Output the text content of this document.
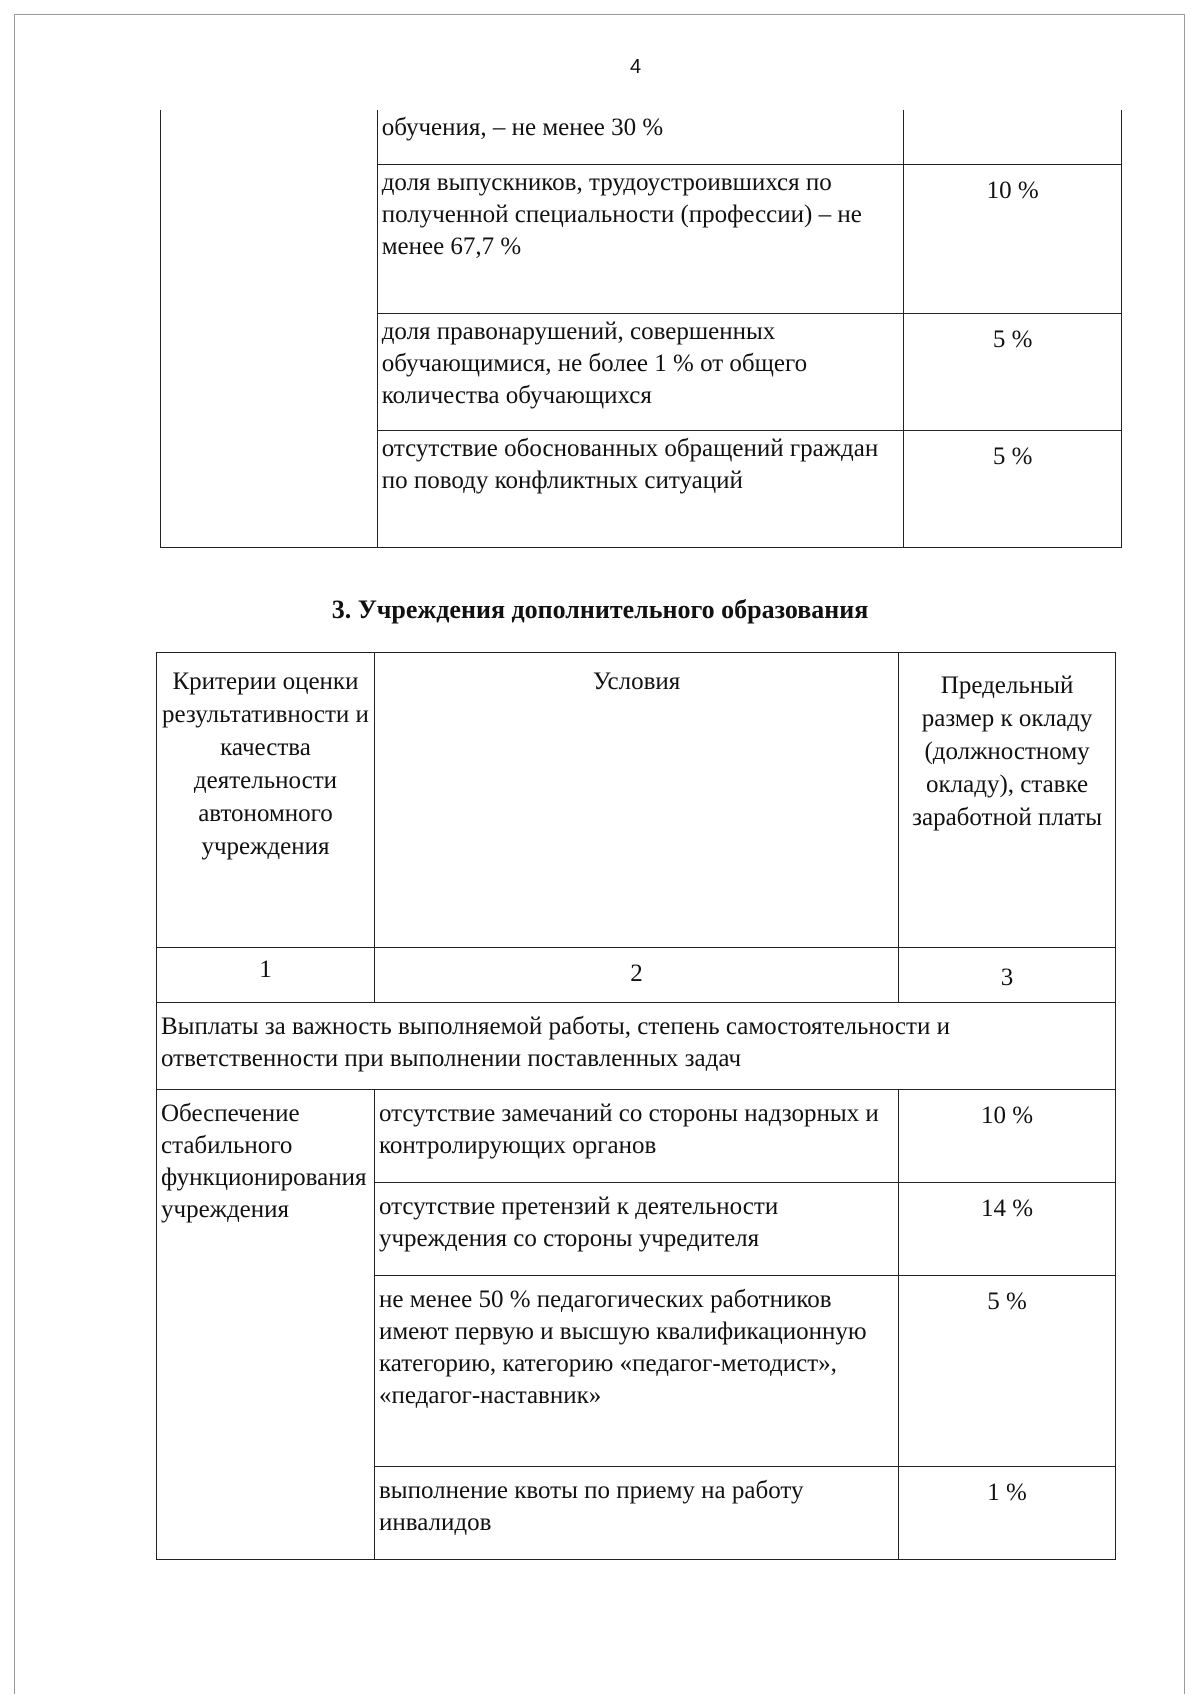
4
	обучения, – не менее 30 %	
	доля выпускников, трудоустроившихся по полученной специальности (профессии) – не менее 67,7 %	10 %
	доля правонарушений, совершенных обучающимися, не более 1 % от общего количества обучающихся	5 %
	отсутствие обоснованных обращений граждан по поводу конфликтных ситуаций	5 %
3. Учреждения дополнительного образования
Критерии оценки результативности и качества деятельности автономного учреждения	Условия	Предельный размер к окладу (должностному окладу), ставке заработной платы
1	2	3
Выплаты за важность выполняемой работы, степень самостоятельности и ответственности при выполнении поставленных задач		
Обеспечение стабильного функционирования учреждения	отсутствие замечаний со стороны надзорных и контролирующих органов	10 %
	отсутствие претензий к деятельности учреждения со стороны учредителя	14 %
	не менее 50 % педагогических работников имеют первую и высшую квалификационную категорию, категорию «педагог-методист», «педагог-наставник»	5 %
	выполнение квоты по приему на работу инвалидов	1 %
